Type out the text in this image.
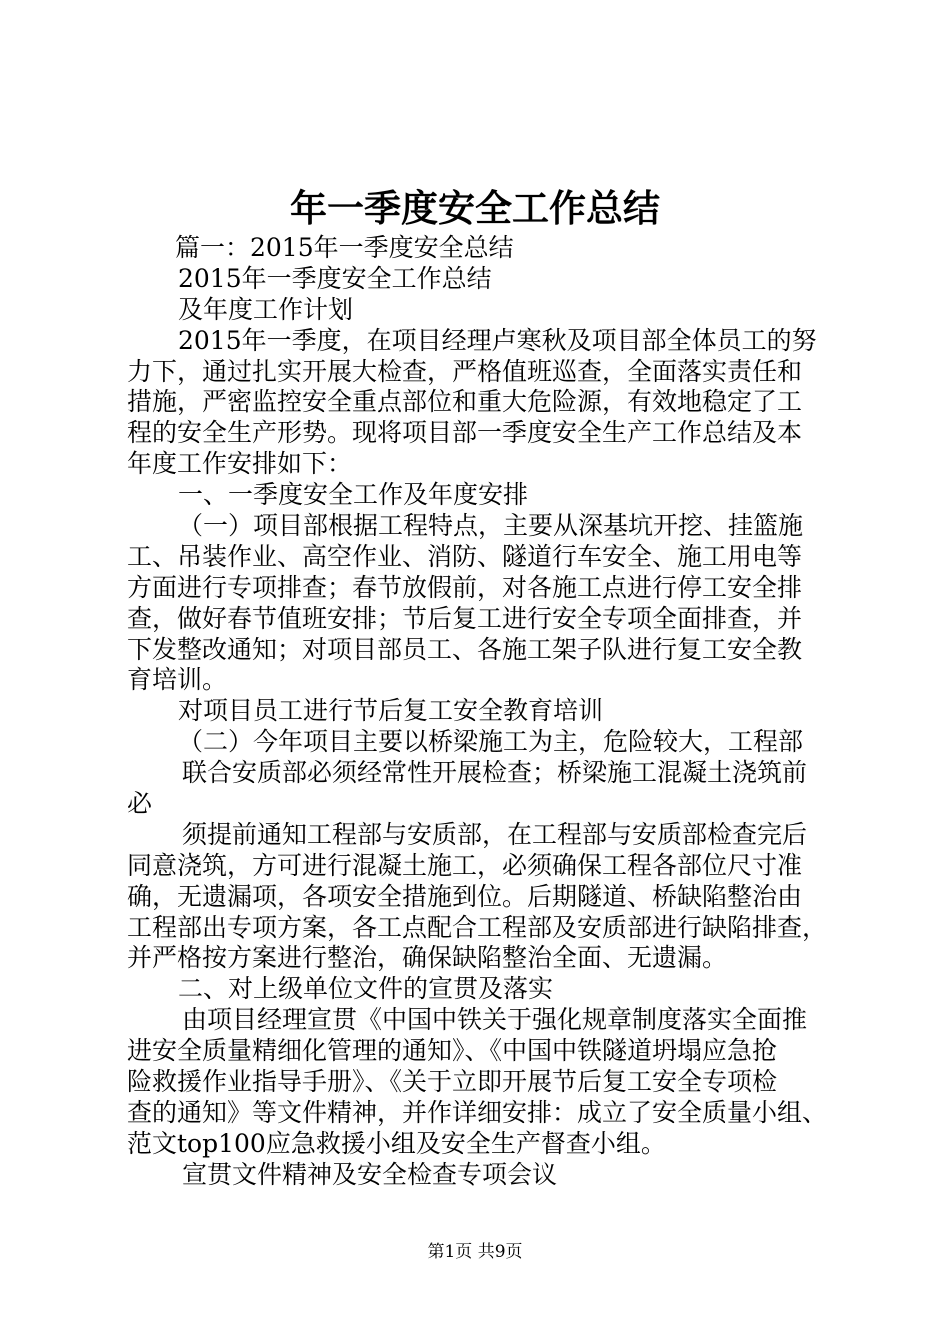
年一季度安全工作总结
篇一：2015年一季度安全总结
2015年一季度安全工作总结
及年度工作计划
2015年一季度，在项目经理卢寒秋及项目部全体员工的努
力下，通过扎实开展大检查，严格值班巡查，全面落实责任和
措施，严密监控安全重点部位和重大危险源，有效地稳定了工
程的安全生产形势。现将项目部一季度安全生产工作总结及本
年度工作安排如下：
一、一季度安全工作及年度安排
（一）项目部根据工程特点，主要从深基坑开挖、挂篮施
工、吊装作业、高空作业、消防、隧道行车安全、施工用电等
方面进行专项排查；春节放假前，对各施工点进行停工安全排
查，做好春节值班安排；节后复工进行安全专项全面排查，并
下发整改通知；对项目部员工、各施工架子队进行复工安全教
育培训。
对项目员工进行节后复工安全教育培训
（二）今年项目主要以桥梁施工为主，危险较大，工程部
联合安质部必须经常性开展检查；桥梁施工混凝土浇筑前
必
须提前通知工程部与安质部，在工程部与安质部检查完后
同意浇筑，方可进行混凝土施工，必须确保工程各部位尺寸准
确，无遗漏项，各项安全措施到位。后期隧道、桥缺陷整治由
工程部出专项方案，各工点配合工程部及安质部进行缺陷排查，
并严格按方案进行整治，确保缺陷整治全面、无遗漏。
二、对上级单位文件的宣贯及落实
由项目经理宣贯《中国中铁关于强化规章制度落实全面推
进安全质量精细化管理的通知》、《中国中铁隧道坍塌应急抢
险救援作业指导手册》、《关于立即开展节后复工安全专项检
查的通知》等文件精神，并作详细安排：成立了安全质量小组、
范文top100应急救援小组及安全生产督查小组。
宣贯文件精神及安全检查专项会议
第1页 共9页
